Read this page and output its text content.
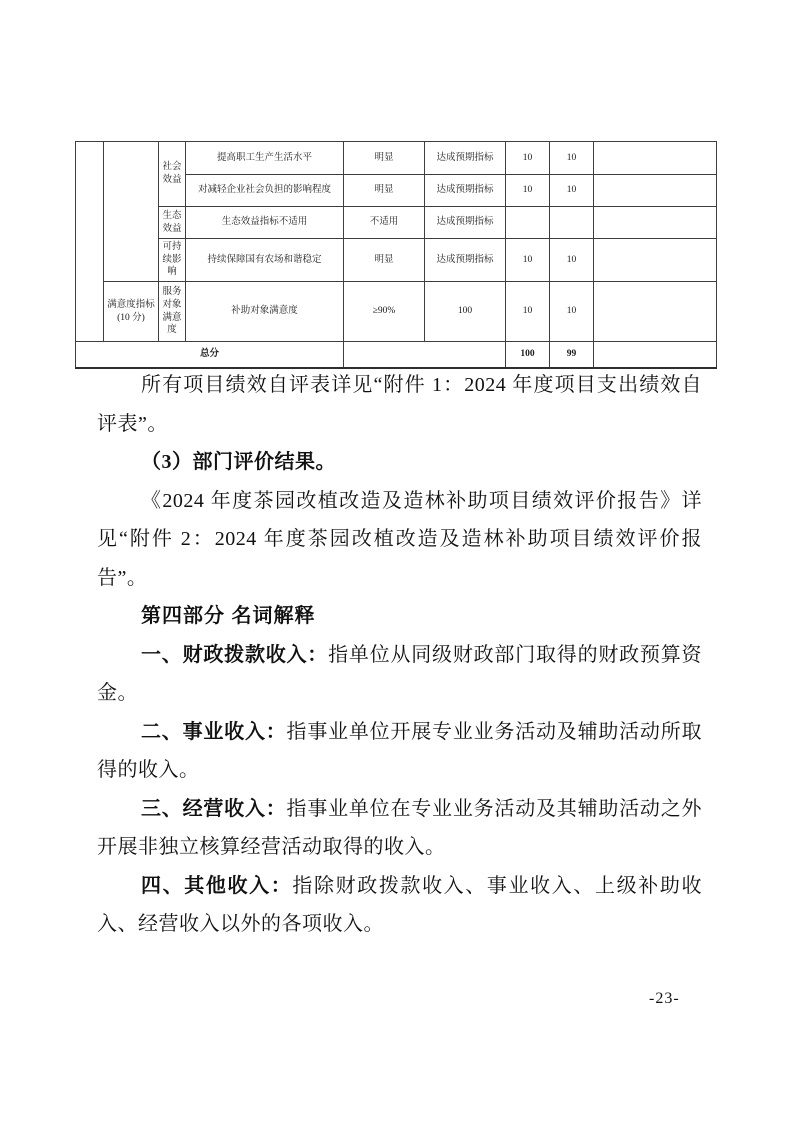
		社会效益	提高职工生产生活水平	明显	达成预期指标	10	10	
			对减轻企业社会负担的影响程度	明显	达成预期指标	10	10	
		生态效益	生态效益指标不适用	不适用	达成预期指标			
		可持续影响	持续保障国有农场和谐稳定	明显	达成预期指标	10	10	
	满意度指标(10 分)	服务对象满意度	补助对象满意度	≥90%	100	10	10	
总分						100	99	

所有项目绩效自评表详见“附件 1：2024 年度项目支出绩效自评表”。

（3）部门评价结果。

《2024 年度茶园改植改造及造林补助项目绩效评价报告》详见“附件 2：2024 年度茶园改植改造及造林补助项目绩效评价报告”。

第四部分 名词解释

一、财政拨款收入：指单位从同级财政部门取得的财政预算资金。

二、事业收入：指事业单位开展专业业务活动及辅助活动所取得的收入。

三、经营收入：指事业单位在专业业务活动及其辅助活动之外开展非独立核算经营活动取得的收入。

四、其他收入：指除财政拨款收入、事业收入、上级补助收入、经营收入以外的各项收入。

-23-
